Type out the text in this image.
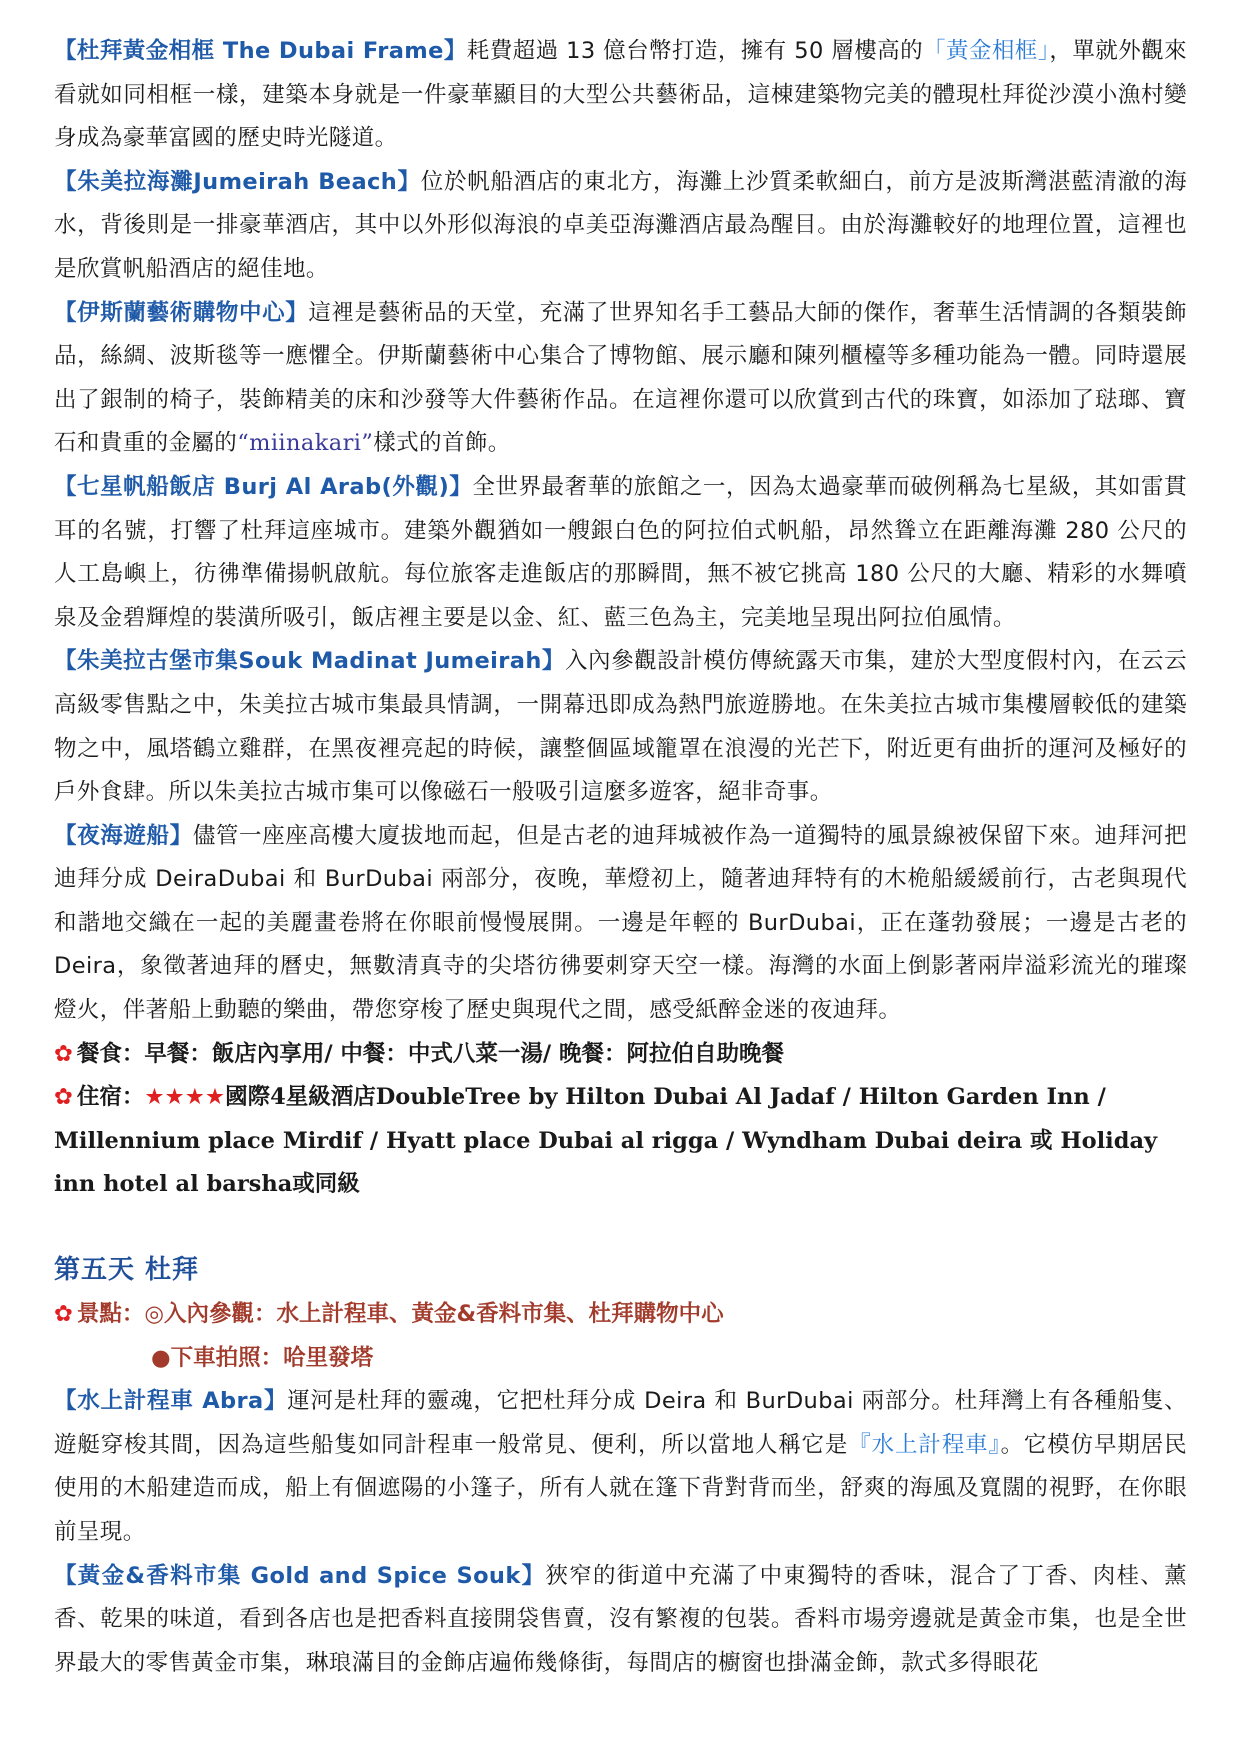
【杜拜黃金相框 The Dubai Frame】耗費超過 13 億台幣打造，擁有 50 層樓高的「黃金相框」，單就外觀來看就如同相框一樣，建築本身就是一件豪華顯目的大型公共藝術品，這棟建築物完美的體現杜拜從沙漠小漁村變身成為豪華富國的歷史時光隧道。

【朱美拉海灘Jumeirah Beach】位於帆船酒店的東北方，海灘上沙質柔軟細白，前方是波斯灣湛藍清澈的海水，背後則是一排豪華酒店，其中以外形似海浪的卓美亞海灘酒店最為醒目。由於海灘較好的地理位置，這裡也是欣賞帆船酒店的絕佳地。

【伊斯蘭藝術購物中心】這裡是藝術品的天堂，充滿了世界知名手工藝品大師的傑作，奢華生活情調的各類裝飾品，絲綢、波斯毯等一應懼全。伊斯蘭藝術中心集合了博物館、展示廳和陳列櫃檯等多種功能為一體。同時還展出了銀制的椅子，裝飾精美的床和沙發等大件藝術作品。在這裡你還可以欣賞到古代的珠寶，如添加了琺瑯、寶石和貴重的金屬的“miinakari”樣式的首飾。

【七星帆船飯店 Burj Al Arab(外觀)】全世界最奢華的旅館之一，因為太過豪華而破例稱為七星級，其如雷貫耳的名號，打響了杜拜這座城市。建築外觀猶如一艘銀白色的阿拉伯式帆船，昂然聳立在距離海灘 280 公尺的人工島嶼上，彷彿準備揚帆啟航。每位旅客走進飯店的那瞬間，無不被它挑高 180 公尺的大廳、精彩的水舞噴泉及金碧輝煌的裝潢所吸引，飯店裡主要是以金、紅、藍三色為主，完美地呈現出阿拉伯風情。

【朱美拉古堡市集Souk Madinat Jumeirah】入內參觀設計模仿傳統露天市集，建於大型度假村內，在云云高級零售點之中，朱美拉古城市集最具情調，一開幕迅即成為熱門旅遊勝地。在朱美拉古城市集樓層較低的建築物之中，風塔鶴立雞群，在黑夜裡亮起的時候，讓整個區域籠罩在浪漫的光芒下，附近更有曲折的運河及極好的戶外食肆。所以朱美拉古城市集可以像磁石一般吸引這麼多遊客，絕非奇事。

【夜海遊船】儘管一座座高樓大廈拔地而起，但是古老的迪拜城被作為一道獨特的風景線被保留下來。迪拜河把迪拜分成 DeiraDubai 和 BurDubai 兩部分，夜晚，華燈初上，隨著迪拜特有的木桅船緩緩前行，古老與現代和諧地交織在一起的美麗畫卷將在你眼前慢慢展開。一邊是年輕的 BurDubai，正在蓬勃發展；一邊是古老的 Deira，象徵著迪拜的曆史，無數清真寺的尖塔彷彿要刺穿天空一樣。海灣的水面上倒影著兩岸溢彩流光的璀璨燈火，伴著船上動聽的樂曲，帶您穿梭了歷史與現代之間，感受紙醉金迷的夜迪拜。

✿ 餐食：早餐：飯店內享用/ 中餐：中式八菜一湯/ 晚餐：阿拉伯自助晚餐

✿ 住宿：★★★★國際4星級酒店DoubleTree by Hilton Dubai Al Jadaf / Hilton Garden Inn / Millennium place Mirdif / Hyatt place Dubai al rigga / Wyndham Dubai deira 或 Holiday inn hotel al barsha或同級

第五天 杜拜

✿ 景點：◎入內參觀：水上計程車、黃金&香料市集、杜拜購物中心

●下車拍照：哈里發塔

【水上計程車 Abra】運河是杜拜的靈魂，它把杜拜分成 Deira 和 BurDubai 兩部分。杜拜灣上有各種船隻、遊艇穿梭其間，因為這些船隻如同計程車一般常見、便利，所以當地人稱它是『水上計程車』。它模仿早期居民使用的木船建造而成，船上有個遮陽的小篷子，所有人就在篷下背對背而坐，舒爽的海風及寬闊的視野，在你眼前呈現。

【黃金&香料市集 Gold and Spice Souk】狹窄的街道中充滿了中東獨特的香味，混合了丁香、肉桂、薰香、乾果的味道，看到各店也是把香料直接開袋售賣，沒有繁複的包裝。香料市場旁邊就是黃金市集，也是全世界最大的零售黃金市集，琳琅滿目的金飾店遍佈幾條街，每間店的櫥窗也掛滿金飾，款式多得眼花
